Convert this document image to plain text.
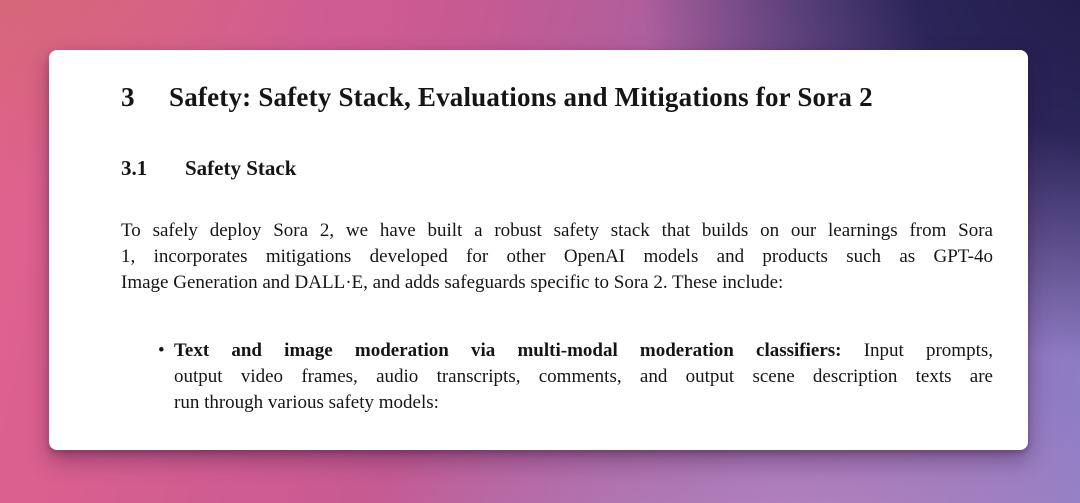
3 Safety: Safety Stack, Evaluations and Mitigations for Sora 2
3.1 Safety Stack
To safely deploy Sora 2, we have built a robust safety stack that builds on our learnings from Sora
1, incorporates mitigations developed for other OpenAI models and products such as GPT-4o
Image Generation and DALL·E, and adds safeguards specific to Sora 2. These include:
• Text and image moderation via multi-modal moderation classifiers: Input prompts,
output video frames, audio transcripts, comments, and output scene description texts are
run through various safety models:
